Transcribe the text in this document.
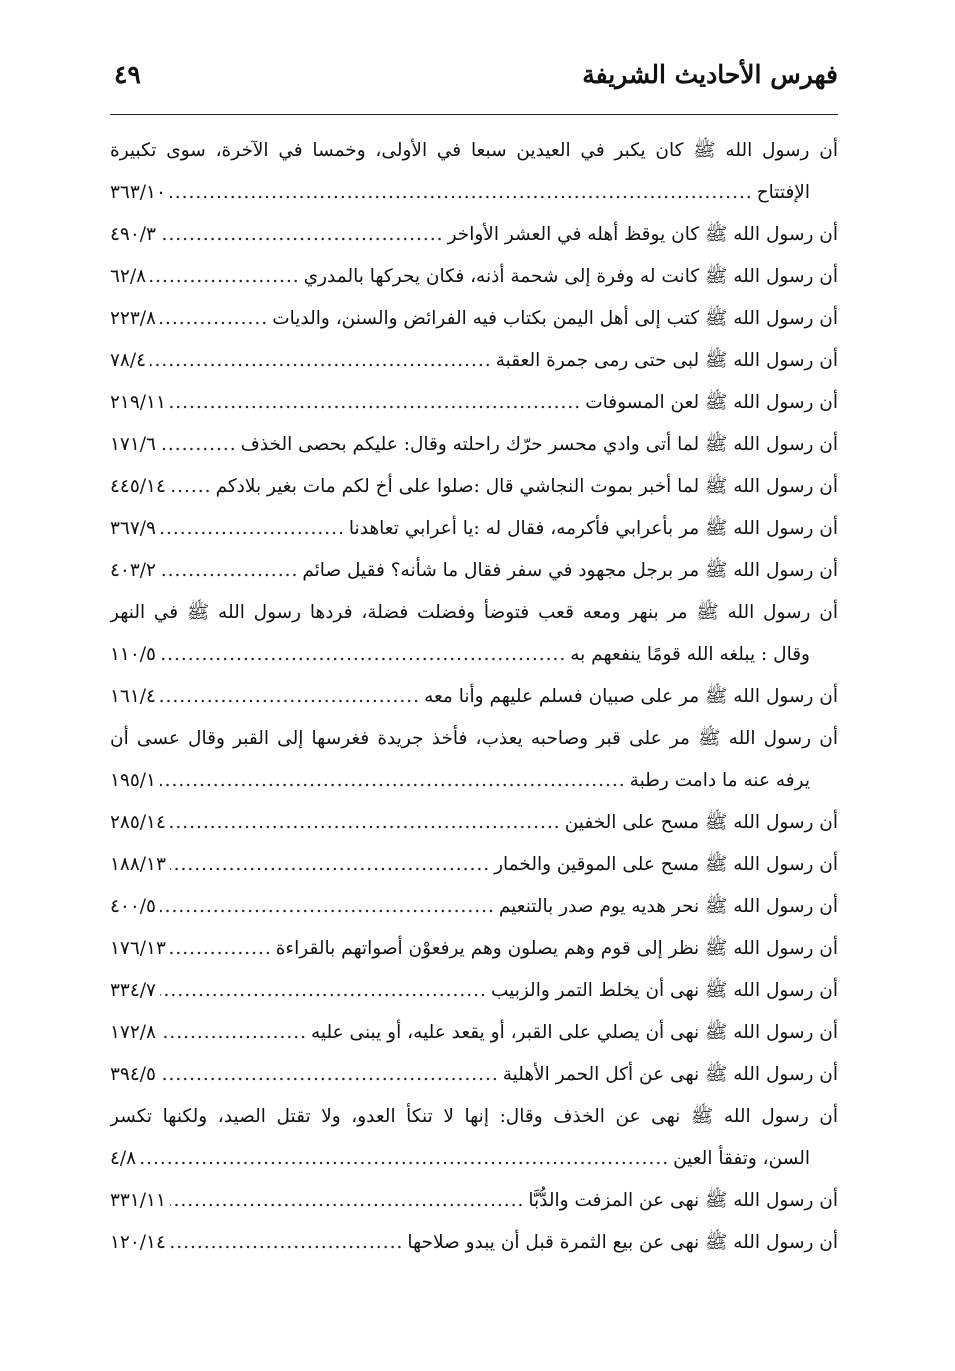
فهرس الأحاديث الشريفة
٤٩
أن رسول الله ﷺ كان يكبر في العيدين سبعا في الأولى، وخمسا في الآخرة، سوى تكبيرة
الإفتتاح
.....
٣٦٣/١٠
أن رسول الله ﷺ كان يوقظ أهله في العشر الأواخر
.....
٤٩٠/٣
أن رسول الله ﷺ كانت له وفرة إلى شحمة أذنه، فكان يحركها بالمدري
.....
٦٢/٨
أن رسول الله ﷺ كتب إلى أهل اليمن بكتاب فيه الفرائض والسنن، والديات
.....
٢٢٣/٨
أن رسول الله ﷺ لبى حتى رمى جمرة العقبة
.....
٧٨/٤
أن رسول الله ﷺ لعن المسوفات
.....
٢١٩/١١
أن رسول الله ﷺ لما أتى وادي محسر حرّك راحلته وقال: عليكم بحصى الخذف
.....
١٧١/٦
أن رسول الله ﷺ لما أخبر بموت النجاشي قال :صلوا على أخ لكم مات بغير بلادكم
.....
٤٤٥/١٤
أن رسول الله ﷺ مر بأعرابي فأكرمه، فقال له :يا أعرابي تعاهدنا
.....
٣٦٧/٩
أن رسول الله ﷺ مر برجل مجهود في سفر فقال ما شأنه؟ فقيل صائم
.....
٤٠٣/٢
أن رسول الله ﷺ مر بنهر ومعه قعب فتوضأ وفضلت فضلة، فردها رسول الله ﷺ في النهر
وقال : يبلغه الله قومًا ينفعهم به
.....
١١٠/٥
أن رسول الله ﷺ مر على صبيان فسلم عليهم وأنا معه
.....
١٦١/٤
أن رسول الله ﷺ مر على قبر وصاحبه يعذب، فأخذ جريدة فغرسها إلى القبر وقال عسى أن
يرفه عنه ما دامت رطبة
.....
١٩٥/١
أن رسول الله ﷺ مسح على الخفين
.....
٢٨٥/١٤
أن رسول الله ﷺ مسح على الموقين والخمار
.....
١٨٨/١٣
أن رسول الله ﷺ نحر هديه يوم صدر بالتنعيم
.....
٤٠٠/٥
أن رسول الله ﷺ نظر إلى قوم وهم يصلون وهم يرفعوْن أصواتهم بالقراءة
.....
١٧٦/١٣
أن رسول الله ﷺ نهى أن يخلط التمر والزبيب
.....
٣٣٤/٧
أن رسول الله ﷺ نهى أن يصلي على القبر، أو يقعد عليه، أو يبنى عليه
.....
١٧٢/٨
أن رسول الله ﷺ نهى عن أكل الحمر الأهلية
.....
٣٩٤/٥
أن رسول الله ﷺ نهى عن الخذف وقال: إنها لا تنكأ العدو، ولا تقتل الصيد، ولكنها تكسر
السن، وتفقأ العين
.....
٤/٨
أن رسول الله ﷺ نهى عن المزفت والدُّبَّا
.....
٣٣١/١١
أن رسول الله ﷺ نهى عن بيع الثمرة قبل أن يبدو صلاحها
.....
١٢٠/١٤
